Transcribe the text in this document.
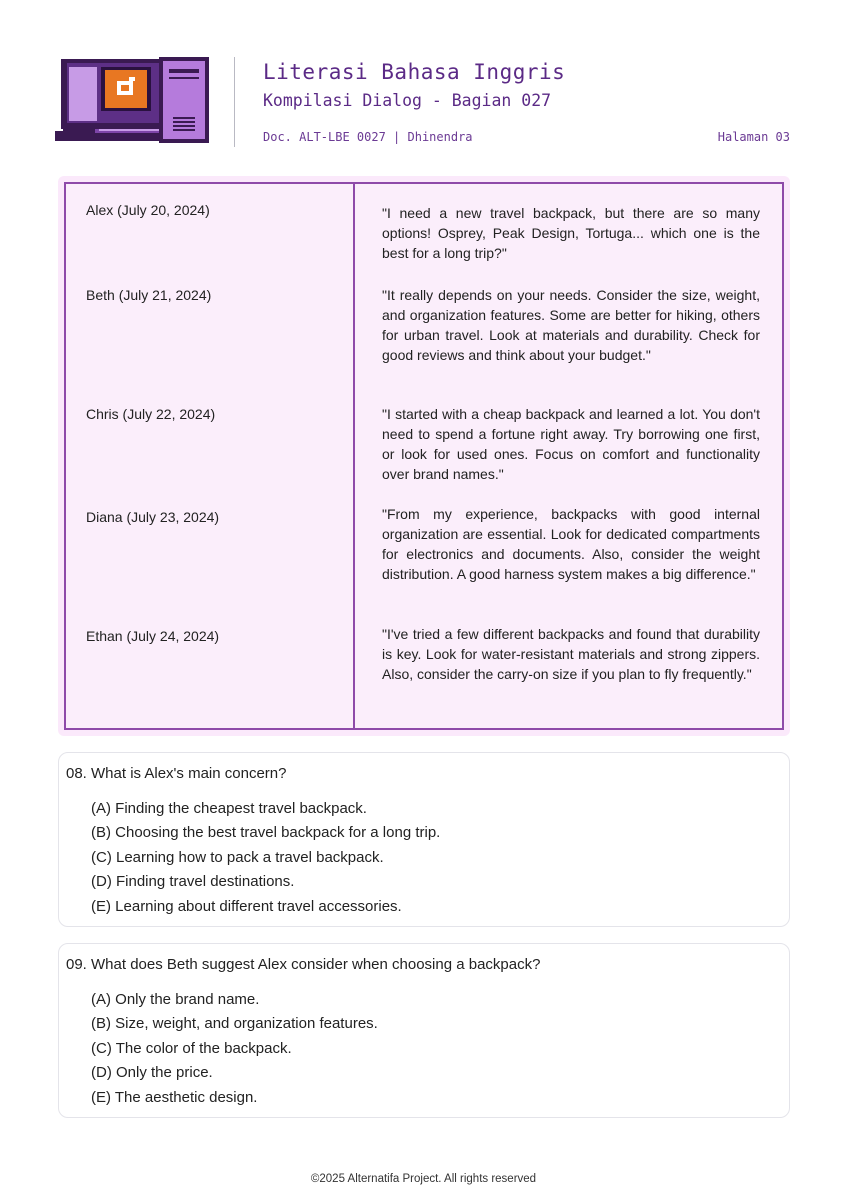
Literasi Bahasa Inggris
Kompilasi Dialog - Bagian 027
Doc. ALT-LBE 0027 | Dhinendra	Halaman 03
Alex (July 20, 2024)	"I need a new travel backpack, but there are so many options! Osprey, Peak Design, Tortuga... which one is the best for a long trip?"
Beth (July 21, 2024)	"It really depends on your needs. Consider the size, weight, and organization features. Some are better for hiking, others for urban travel. Look at materials and durability. Check for good reviews and think about your budget."
Chris (July 22, 2024)	"I started with a cheap backpack and learned a lot. You don't need to spend a fortune right away. Try borrowing one first, or look for used ones. Focus on comfort and functionality over brand names."
Diana (July 23, 2024)	"From my experience, backpacks with good internal organization are essential. Look for dedicated compartments for electronics and documents. Also, consider the weight distribution. A good harness system makes a big difference."
Ethan (July 24, 2024)	"I've tried a few different backpacks and found that durability is key. Look for water-resistant materials and strong zippers. Also, consider the carry-on size if you plan to fly frequently."
08. What is Alex's main concern?
(A) Finding the cheapest travel backpack.
(B) Choosing the best travel backpack for a long trip.
(C) Learning how to pack a travel backpack.
(D) Finding travel destinations.
(E) Learning about different travel accessories.
09. What does Beth suggest Alex consider when choosing a backpack?
(A) Only the brand name.
(B) Size, weight, and organization features.
(C) The color of the backpack.
(D) Only the price.
(E) The aesthetic design.
©2025 Alternatifa Project. All rights reserved
